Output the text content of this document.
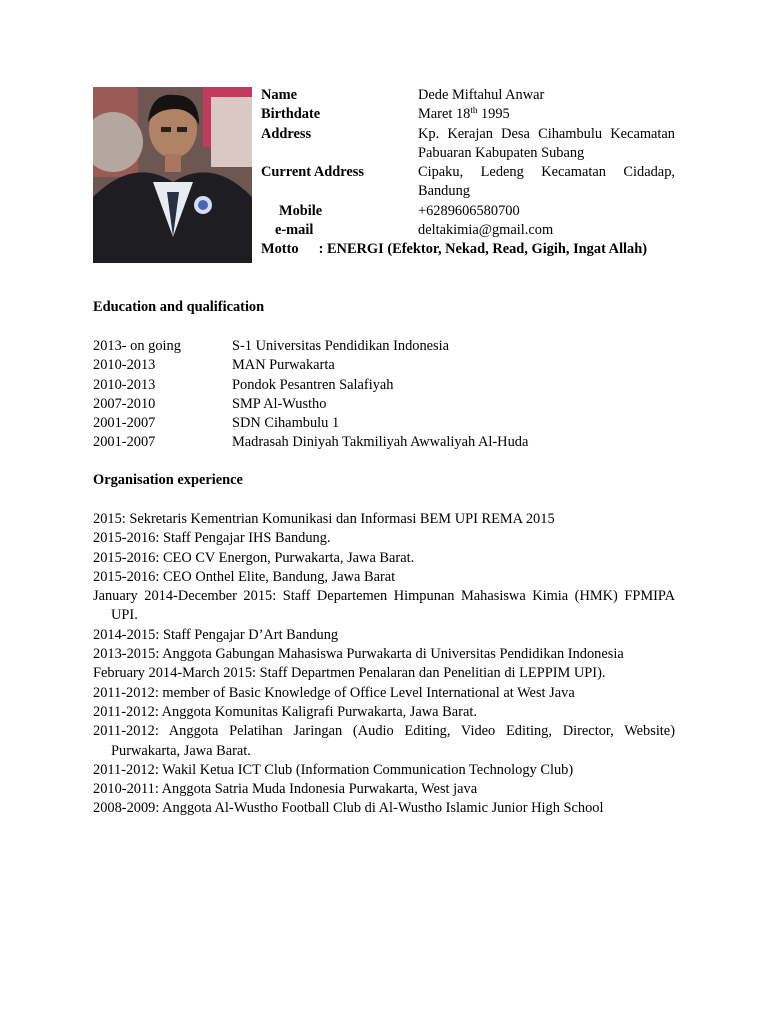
Name	Dede Miftahul Anwar
Birthdate	Maret 18th 1995
Address	Kp. Kerajan Desa Cihambulu Kecamatan
Pabuaran Kabupaten Subang
Current Address	Cipaku, Ledeng Kecamatan Cidadap,
Bandung
Mobile	+6289606580700
e-mail	deltakimia@gmail.com
Motto : ENERGI (Efektor, Nekad, Read, Gigih, Ingat Allah)
Education and qualification
2013- on going	S-1 Universitas Pendidikan Indonesia
2010-2013	MAN Purwakarta
2010-2013	Pondok Pesantren Salafiyah
2007-2010	SMP Al-Wustho
2001-2007	SDN Cihambulu 1
2001-2007	Madrasah Diniyah Takmiliyah Awwaliyah Al-Huda
Organisation experience
2015: Sekretaris Kementrian Komunikasi dan Informasi BEM UPI REMA 2015
2015-2016: Staff Pengajar IHS Bandung.
2015-2016: CEO CV Energon, Purwakarta, Jawa Barat.
2015-2016: CEO Onthel Elite, Bandung, Jawa Barat
January 2014-December 2015: Staff Departemen Himpunan Mahasiswa Kimia (HMK) FPMIPA UPI.
2014-2015: Staff Pengajar D’Art Bandung
2013-2015: Anggota Gabungan Mahasiswa Purwakarta di Universitas Pendidikan Indonesia
February 2014-March 2015: Staff Departmen Penalaran dan Penelitian di LEPPIM UPI).
2011-2012: member of Basic Knowledge of Office Level International at West Java
2011-2012: Anggota Komunitas Kaligrafi Purwakarta, Jawa Barat.
2011-2012: Anggota Pelatihan Jaringan (Audio Editing, Video Editing, Director, Website) Purwakarta, Jawa Barat.
2011-2012: Wakil Ketua ICT Club (Information Communication Technology Club)
2010-2011: Anggota Satria Muda Indonesia Purwakarta, West java
2008-2009: Anggota Al-Wustho Football Club di Al-Wustho Islamic Junior High School
